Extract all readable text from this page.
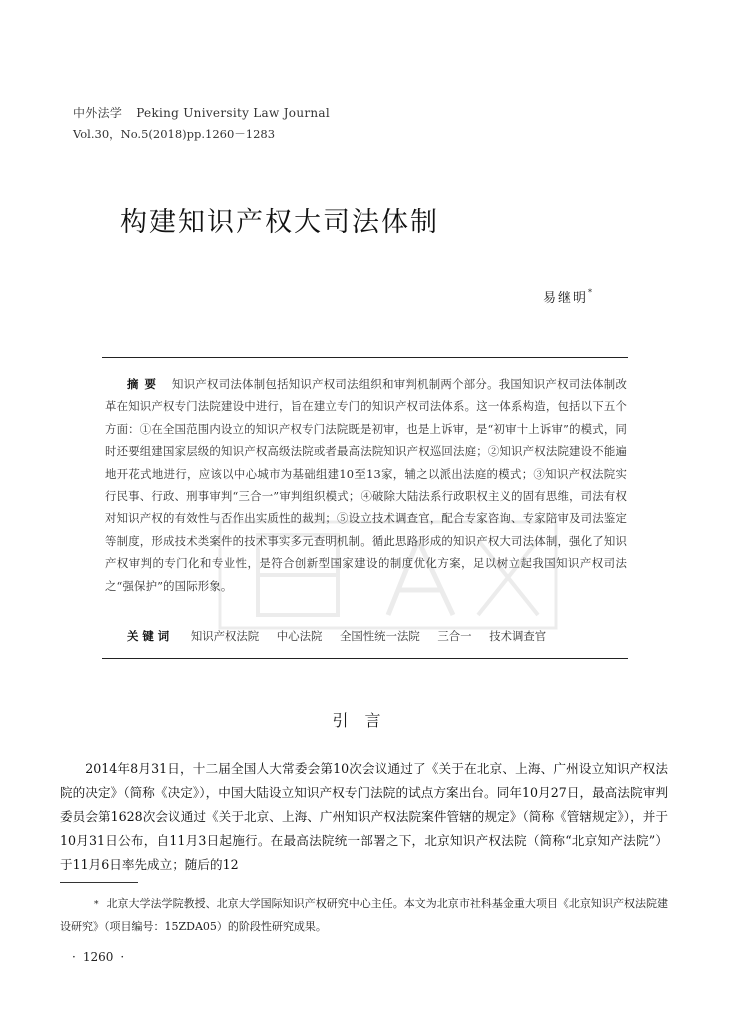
中外法学 Peking University Law Journal
Vol.30，No.5(2018)pp.1260－1283
构建知识产权大司法体制
易继明*
摘要 知识产权司法体制包括知识产权司法组织和审判机制两个部分。我国知识产权司法体制改革在知识产权专门法院建设中进行，旨在建立专门的知识产权司法体系。这一体系构造，包括以下五个方面：①在全国范围内设立的知识产权专门法院既是初审，也是上诉审，是“初审十上诉审”的模式，同时还要组建国家层级的知识产权高级法院或者最高法院知识产权巡回法庭；②知识产权法院建设不能遍地开花式地进行，应该以中心城市为基础组建10至13家，辅之以派出法庭的模式；③知识产权法院实行民事、行政、刑事审判“三合一”审判组织模式；④破除大陆法系行政职权主义的固有思维，司法有权对知识产权的有效性与否作出实质性的裁判；⑤设立技术调查官，配合专家咨询、专家陪审及司法鉴定等制度，形成技术类案件的技术事实多元查明机制。循此思路形成的知识产权大司法体制，强化了知识产权审判的专门化和专业性，是符合创新型国家建设的制度优化方案，足以树立起我国知识产权司法之“强保护”的国际形象。
关键词 知识产权法院 中心法院 全国性统一法院 三合一 技术调查官
引言

2014年8月31日，十二届全国人大常委会第10次会议通过了《关于在北京、上海、广州设立知识产权法院的决定》（简称《决定》），中国大陆设立知识产权专门法院的试点方案出台。同年10月27日，最高法院审判委员会第1628次会议通过《关于北京、上海、广州知识产权法院案件管辖的规定》（简称《管辖规定》），并于10月31日公布，自11月3日起施行。在最高法院统一部署之下，北京知识产权法院（简称“北京知产法院”）于11月6日率先成立；随后的12

* 北京大学法学院教授、北京大学国际知识产权研究中心主任。本文为北京市社科基金重大项目《北京知识产权法院建设研究》（项目编号：15ZDA05）的阶段性研究成果。
· 1260 ·
